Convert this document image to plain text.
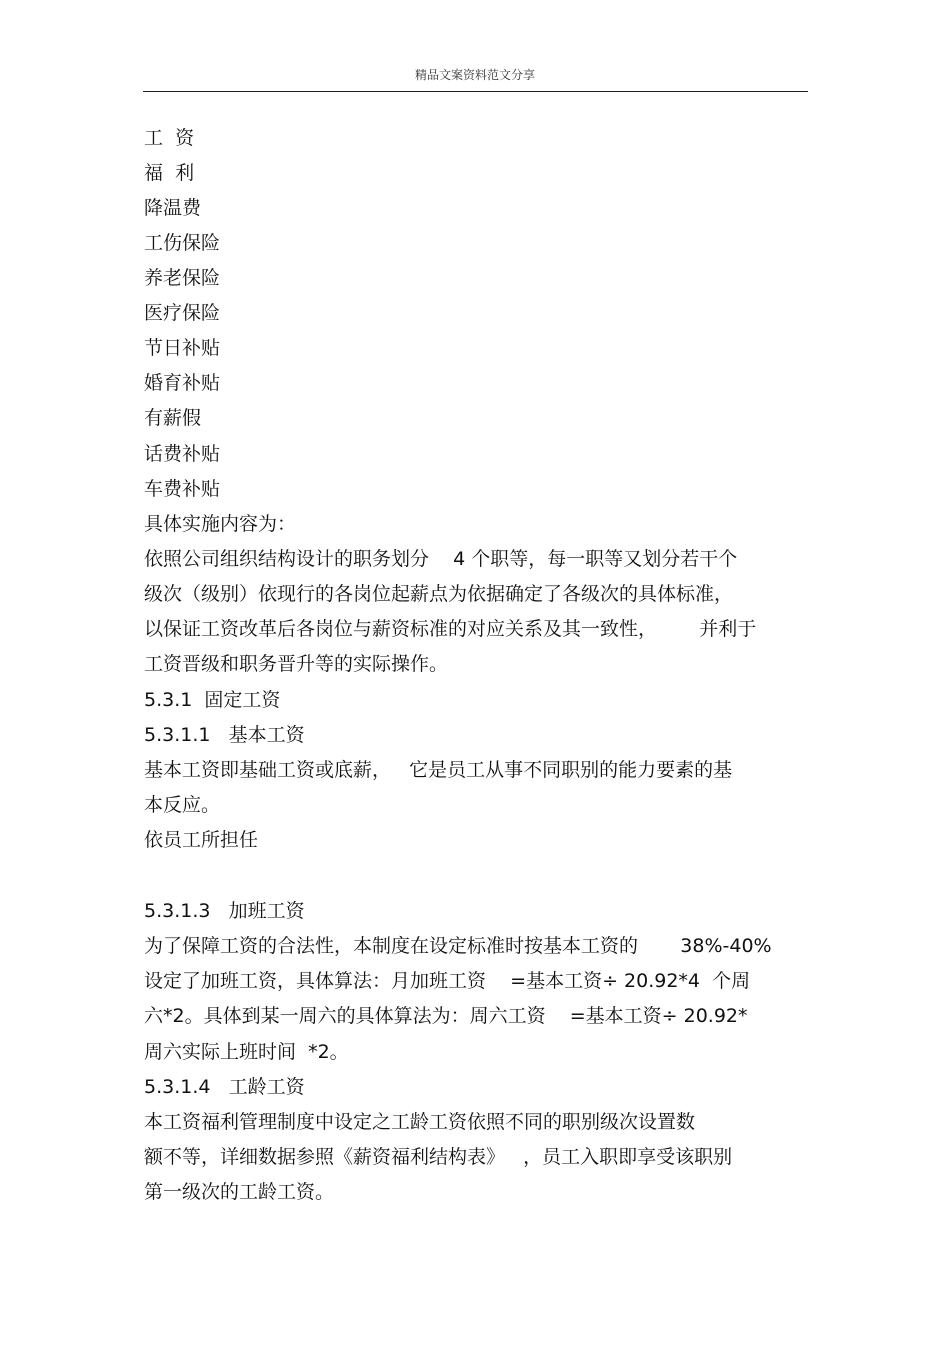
精品文案资料范文分享
工  资
福  利
降温费
工伤保险
养老保险
医疗保险
节日补贴
婚育补贴
有薪假
话费补贴
车费补贴
具体实施内容为：
依照公司组织结构设计的职务划分    4 个职等，每一职等又划分若干个
级次（级别）依现行的各岗位起薪点为依据确定了各级次的具体标准，
以保证工资改革后各岗位与薪资标准的对应关系及其一致性，       并利于
工资晋级和职务晋升等的实际操作。
5.3.1  固定工资
5.3.1.1   基本工资
基本工资即基础工资或底薪，   它是员工从事不同职别的能力要素的基
本反应。
依员工所担任
5.3.1.3   加班工资
为了保障工资的合法性，本制度在设定标准时按基本工资的       38%-40%
设定了加班工资，具体算法：月加班工资    =基本工资÷ 20.92*4  个周
六*2。具体到某一周六的具体算法为：周六工资    =基本工资÷ 20.92*
周六实际上班时间  *2。
5.3.1.4   工龄工资
本工资福利管理制度中设定之工龄工资依照不同的职别级次设置数
额不等，详细数据参照《薪资福利结构表》   ，员工入职即享受该职别
第一级次的工龄工资。
